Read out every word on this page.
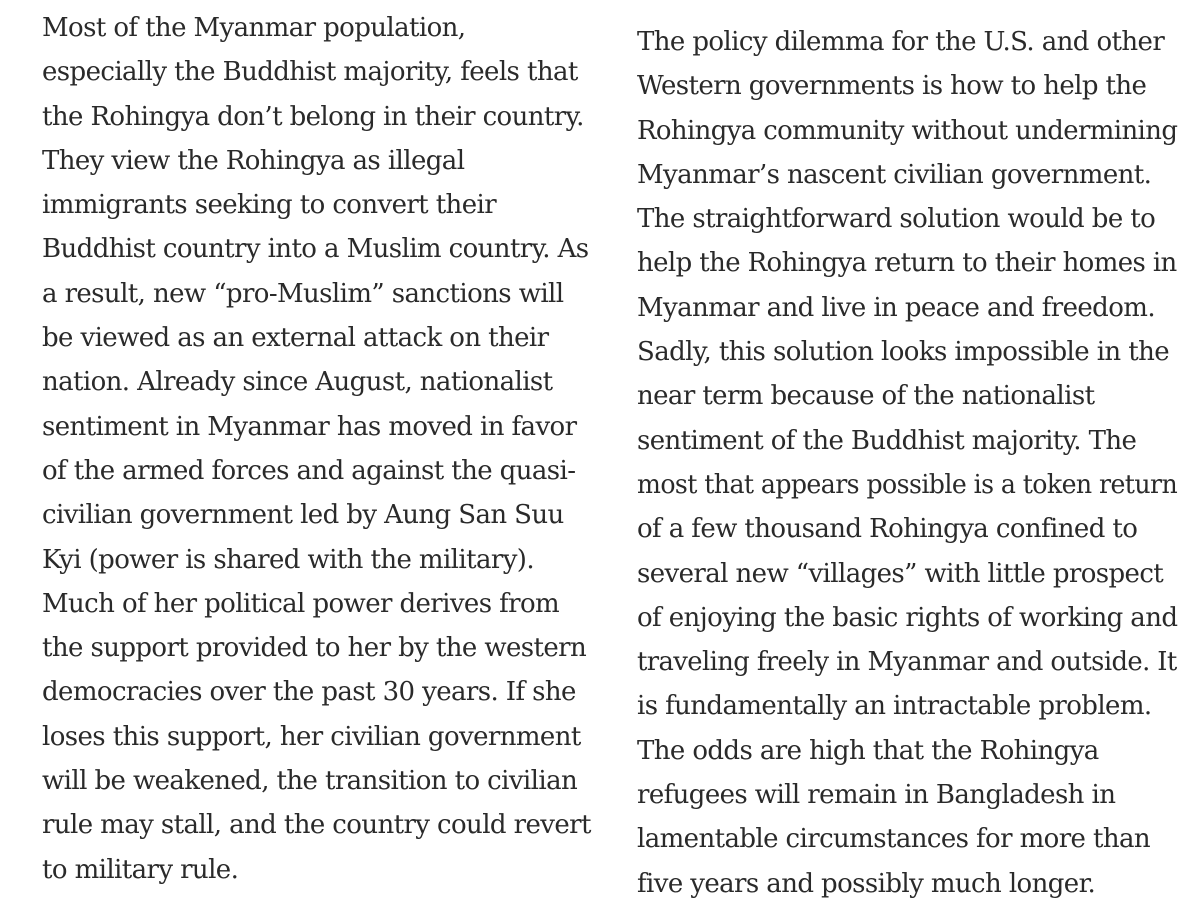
Most of the Myanmar population,
especially the Buddhist majority, feels that
the Rohingya don’t belong in their country.
They view the Rohingya as illegal
immigrants seeking to convert their
Buddhist country into a Muslim country. As
a result, new “pro-Muslim” sanctions will
be viewed as an external attack on their
nation. Already since August, nationalist
sentiment in Myanmar has moved in favor
of the armed forces and against the quasi-
civilian government led by Aung San Suu
Kyi (power is shared with the military).
Much of her political power derives from
the support provided to her by the western
democracies over the past 30 years. If she
loses this support, her civilian government
will be weakened, the transition to civilian
rule may stall, and the country could revert
to military rule.
The policy dilemma for the U.S. and other
Western governments is how to help the
Rohingya community without undermining
Myanmar’s nascent civilian government.
The straightforward solution would be to
help the Rohingya return to their homes in
Myanmar and live in peace and freedom.
Sadly, this solution looks impossible in the
near term because of the nationalist
sentiment of the Buddhist majority. The
most that appears possible is a token return
of a few thousand Rohingya confined to
several new “villages” with little prospect
of enjoying the basic rights of working and
traveling freely in Myanmar and outside. It
is fundamentally an intractable problem.
The odds are high that the Rohingya
refugees will remain in Bangladesh in
lamentable circumstances for more than
five years and possibly much longer.
